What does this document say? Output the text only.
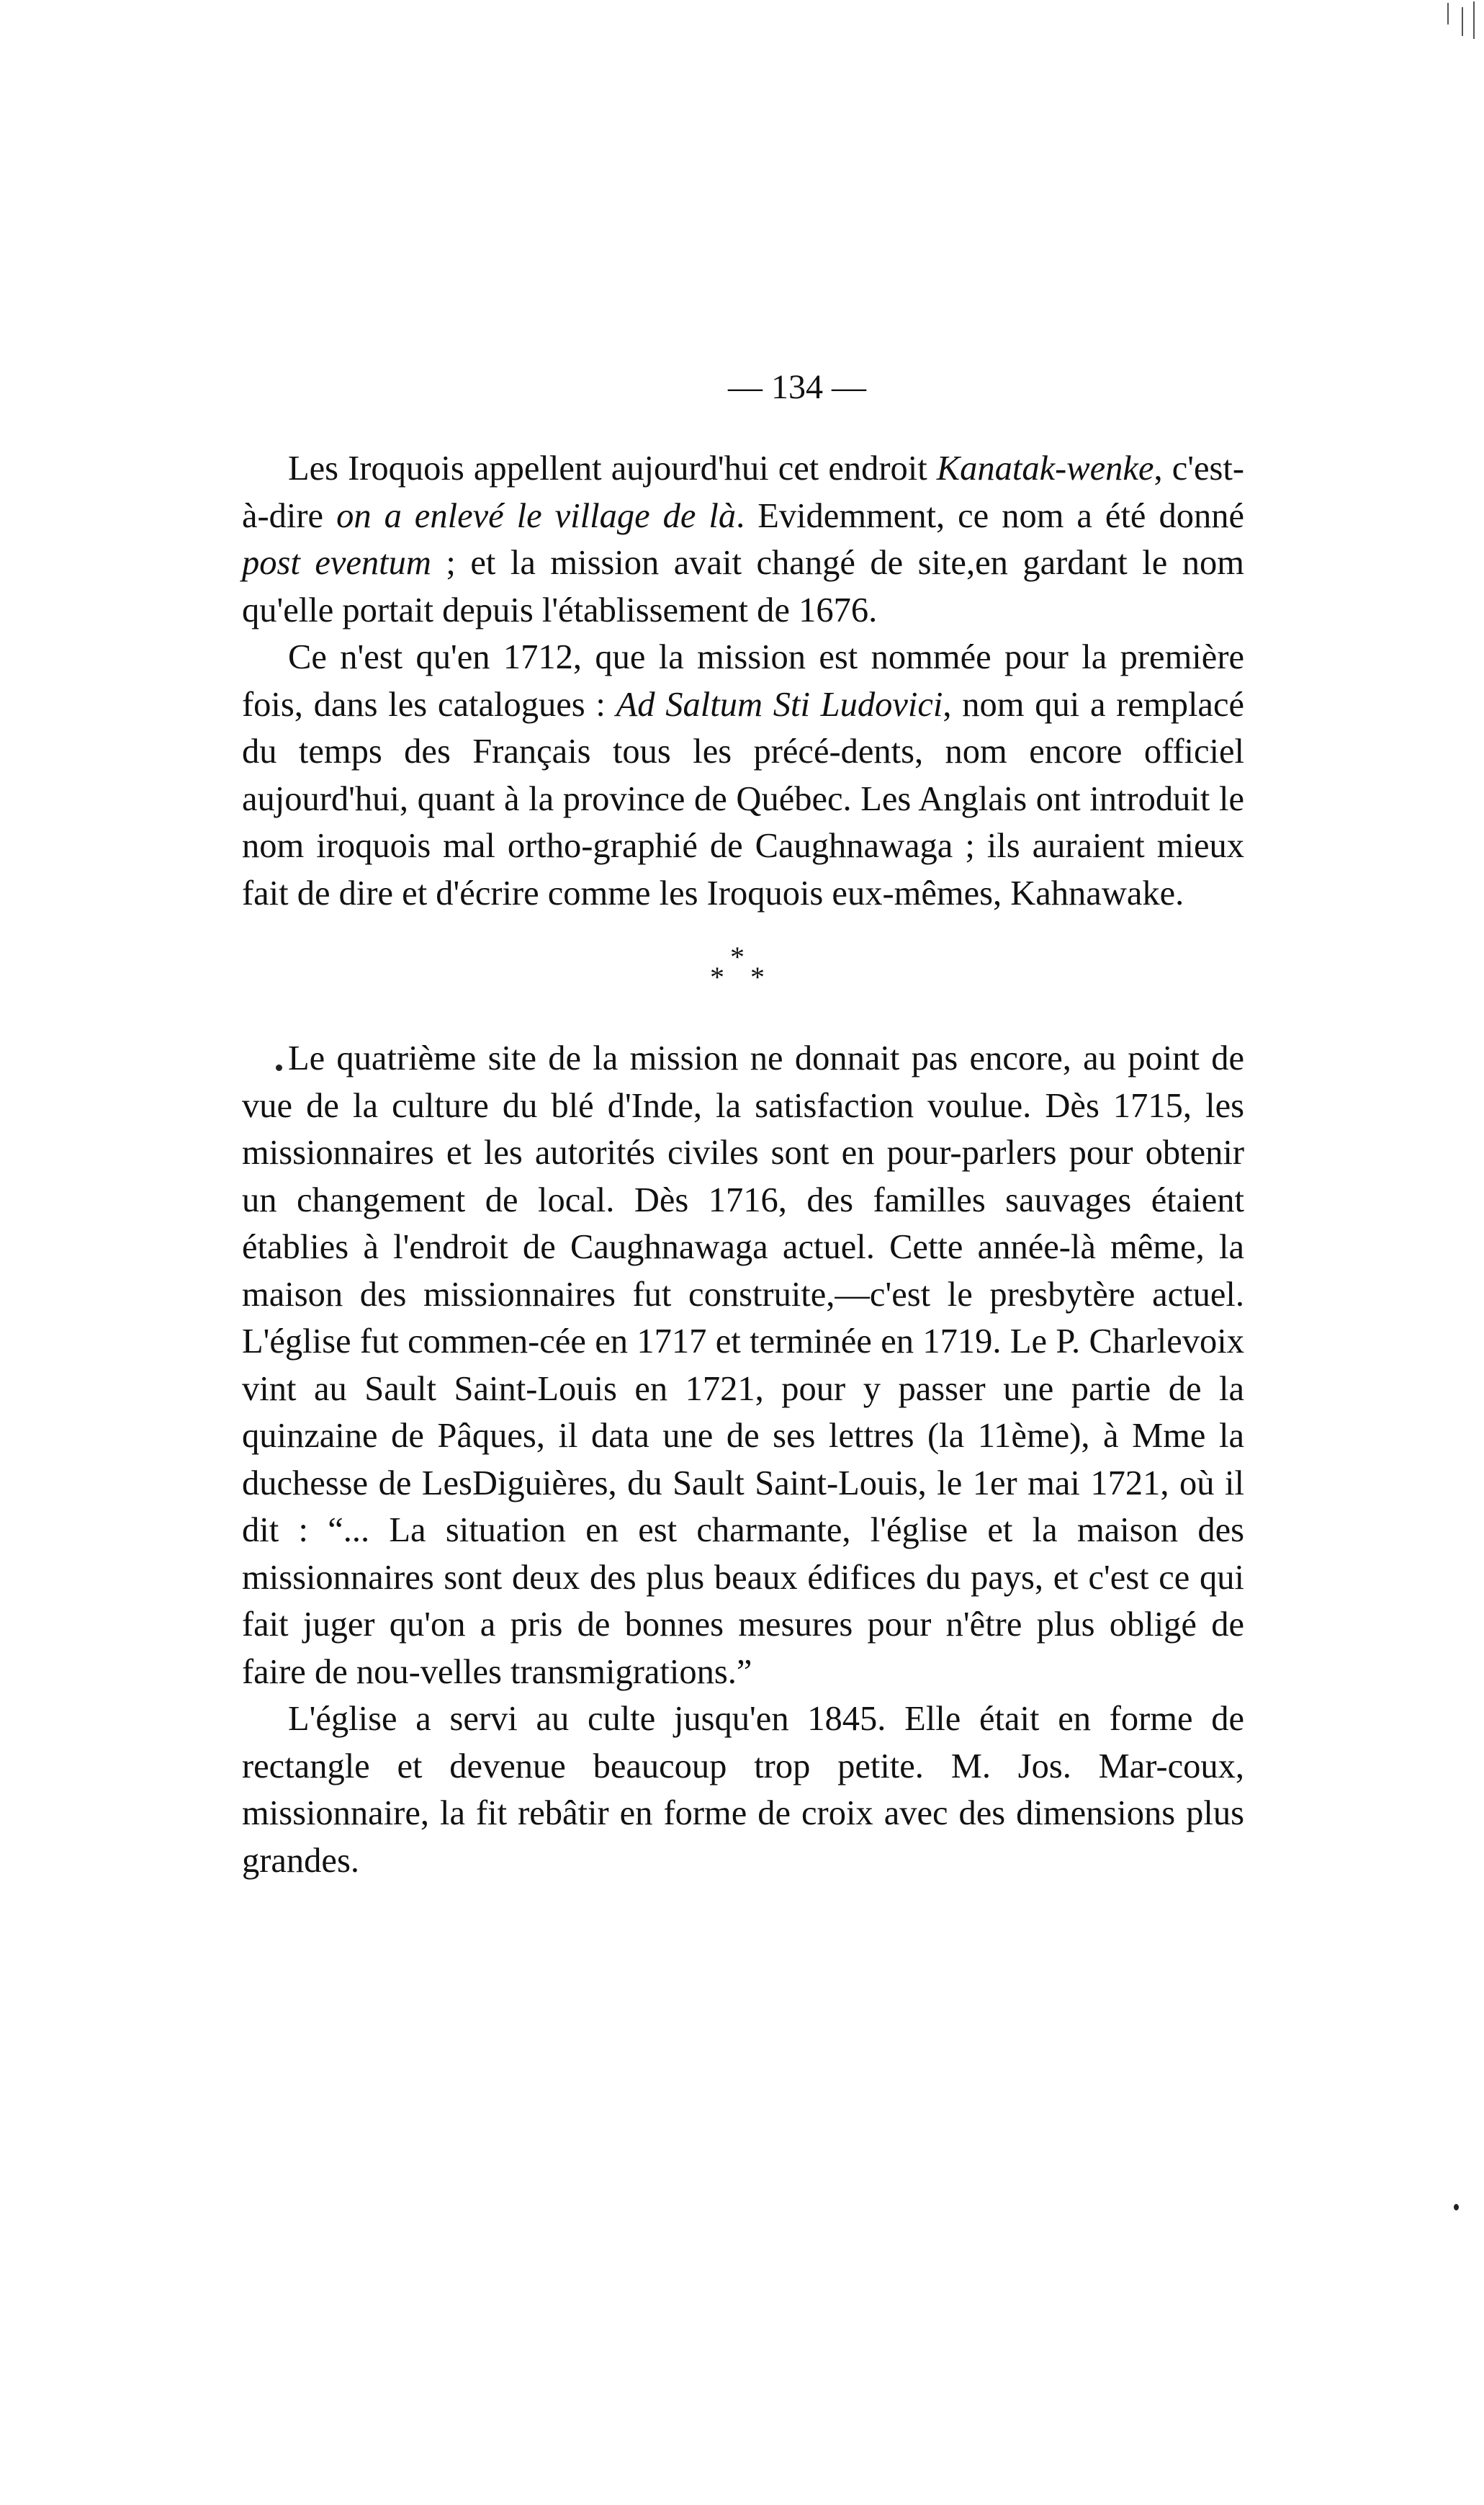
— 134 —

Les Iroquois appellent aujourd'hui cet endroit Kanatak-wenke, c'est-à-dire on a enlevé le village de là. Evidemment, ce nom a été donné post eventum ; et la mission avait changé de site,en gardant le nom qu'elle portait depuis l'établissement de 1676.

Ce n'est qu'en 1712, que la mission est nommée pour la première fois, dans les catalogues : Ad Saltum Sti Ludovici, nom qui a remplacé du temps des Français tous les précé-dents, nom encore officiel aujourd'hui, quant à la province de Québec. Les Anglais ont introduit le nom iroquois mal ortho-graphié de Caughnawaga ; ils auraient mieux fait de dire et d'écrire comme les Iroquois eux-mêmes, Kahnawake.

*
* *

Le quatrième site de la mission ne donnait pas encore, au point de vue de la culture du blé d'Inde, la satisfaction voulue. Dès 1715, les missionnaires et les autorités civiles sont en pour-parlers pour obtenir un changement de local. Dès 1716, des familles sauvages étaient établies à l'endroit de Caughnawaga actuel. Cette année-là même, la maison des missionnaires fut construite,—c'est le presbytère actuel. L'église fut commen-cée en 1717 et terminée en 1719. Le P. Charlevoix vint au Sault Saint-Louis en 1721, pour y passer une partie de la quinzaine de Pâques, il data une de ses lettres (la 11ème), à Mme la duchesse de LesDiguières, du Sault Saint-Louis, le 1er mai 1721, où il dit : “... La situation en est charmante, l'église et la maison des missionnaires sont deux des plus beaux édifices du pays, et c'est ce qui fait juger qu'on a pris de bonnes mesures pour n'être plus obligé de faire de nou-velles transmigrations.”

L'église a servi au culte jusqu'en 1845. Elle était en forme de rectangle et devenue beaucoup trop petite. M. Jos. Mar-coux, missionnaire, la fit rebâtir en forme de croix avec des dimensions plus grandes.
